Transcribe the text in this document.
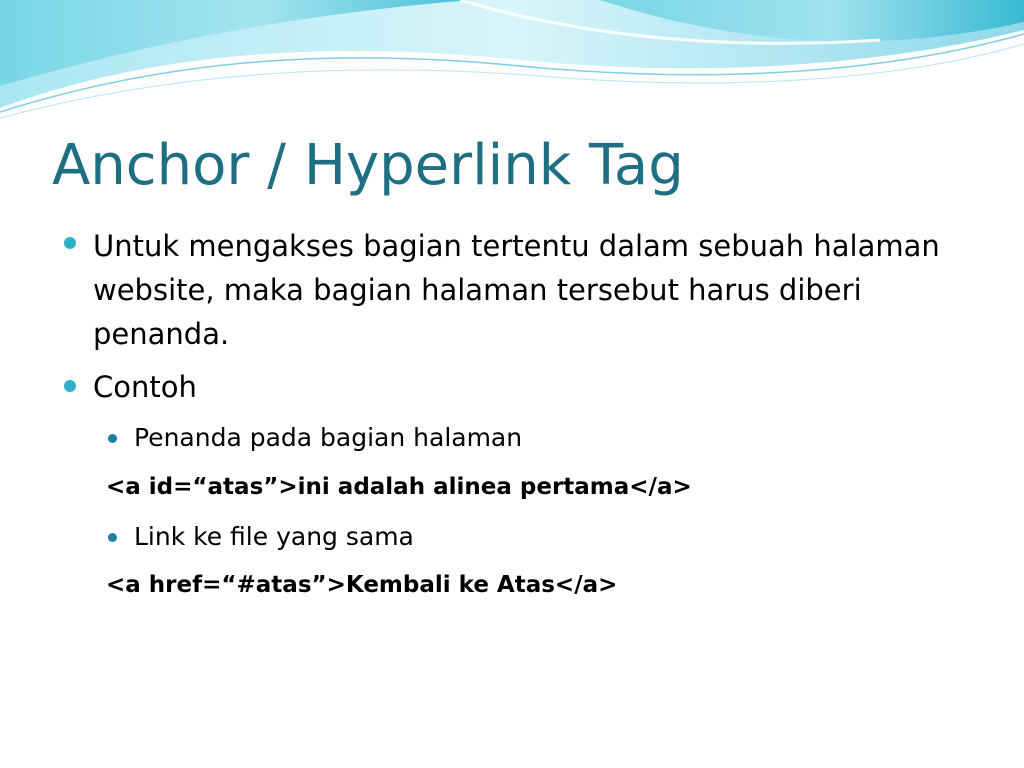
Anchor / Hyperlink Tag
Untuk mengakses bagian tertentu dalam sebuah halaman
website, maka bagian halaman tersebut harus diberi
penanda.
Contoh
Penanda pada bagian halaman
<a id=“atas”>ini adalah alinea pertama</a>
Link ke file yang sama
<a href=“#atas”>Kembali ke Atas</a>
